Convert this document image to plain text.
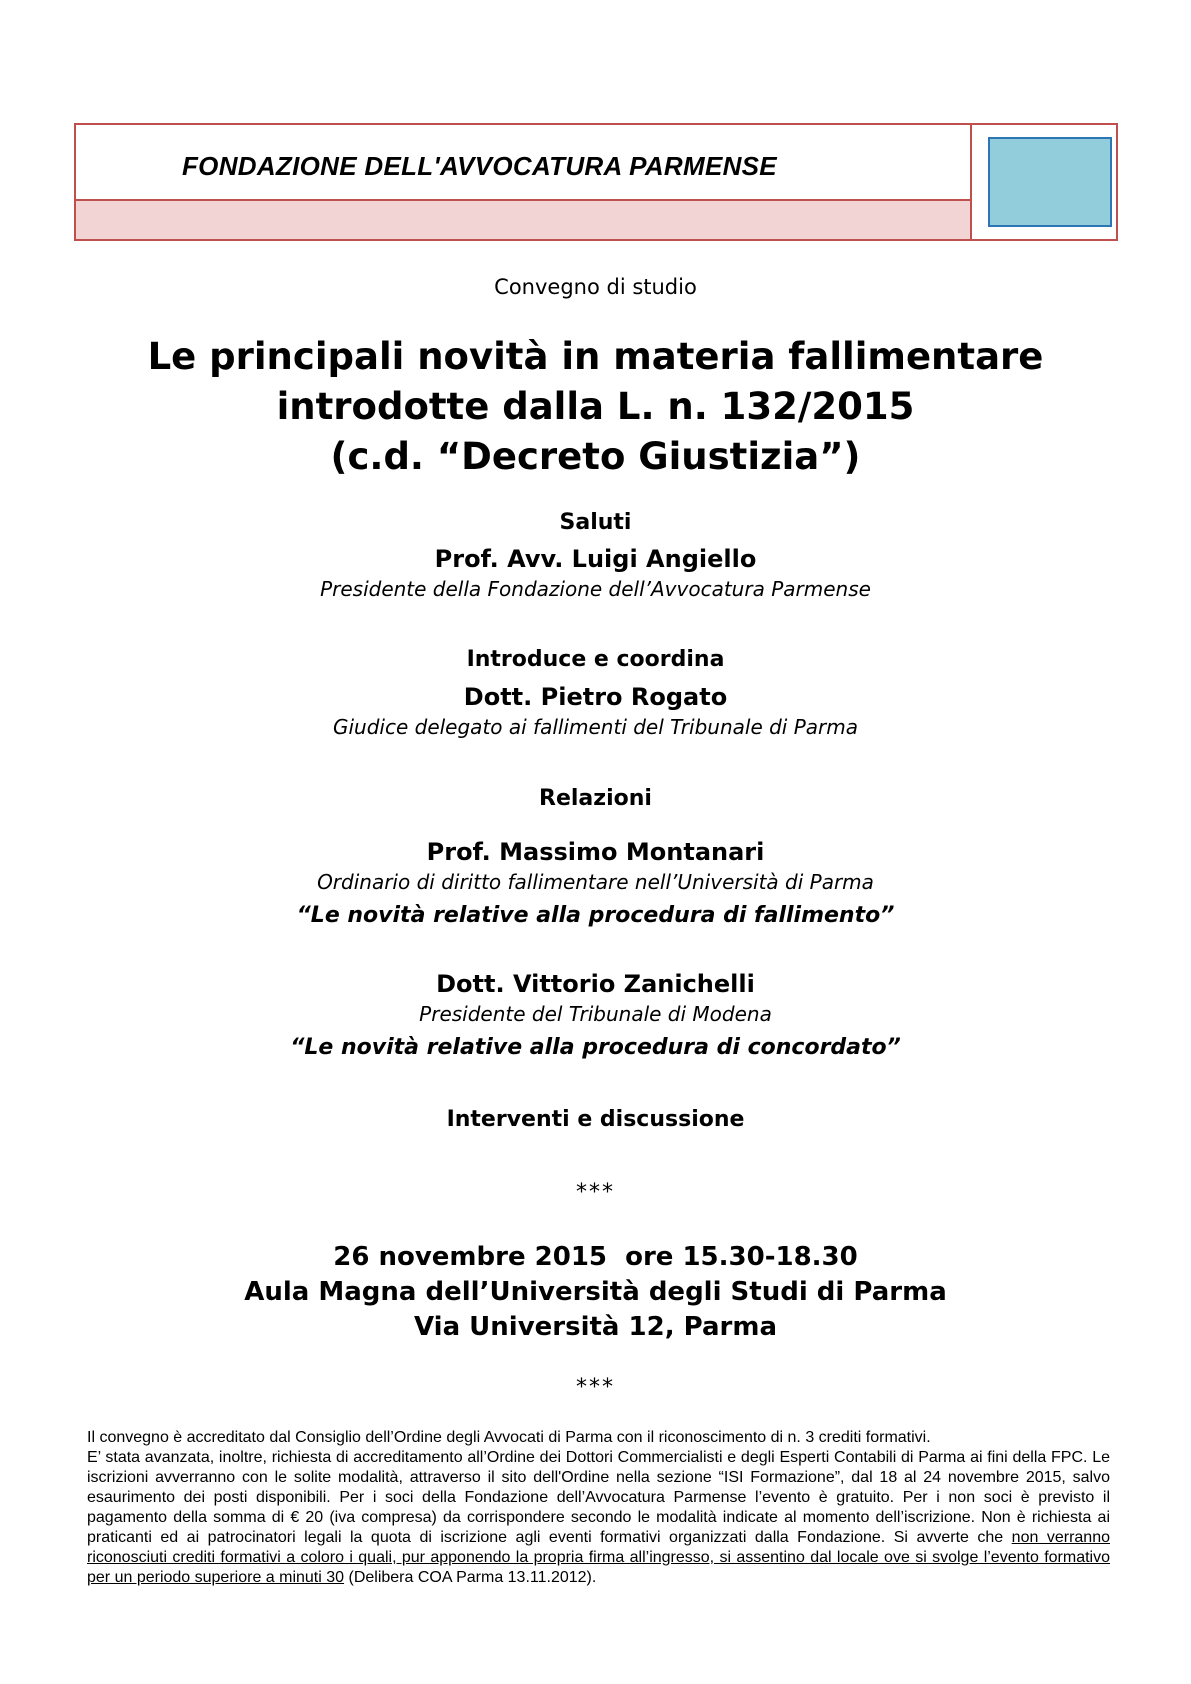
FONDAZIONE DELL'AVVOCATURA PARMENSE
Convegno di studio
Le principali novità in materia fallimentare
introdotte dalla L. n. 132/2015
(c.d. “Decreto Giustizia”)
Saluti
Prof. Avv. Luigi Angiello
Presidente della Fondazione dell’Avvocatura Parmense
Introduce e coordina
Dott. Pietro Rogato
Giudice delegato ai fallimenti del Tribunale di Parma
Relazioni
Prof. Massimo Montanari
Ordinario di diritto fallimentare nell’Università di Parma
“Le novità relative alla procedura di fallimento”
Dott. Vittorio Zanichelli
Presidente del Tribunale di Modena
“Le novità relative alla procedura di concordato”
Interventi e discussione
***
26 novembre 2015  ore 15.30-18.30
Aula Magna dell’Università degli Studi di Parma
Via Università 12, Parma
***

Il convegno è accreditato dal Consiglio dell’Ordine degli Avvocati di Parma con il riconoscimento di n. 3 crediti formativi.

E’ stata avanzata, inoltre, richiesta di accreditamento all’Ordine dei Dottori Commercialisti e degli Esperti Contabili di Parma ai fini della FPC. Le iscrizioni avverranno con le solite modalità, attraverso il sito dell'Ordine nella sezione “ISI Formazione”, dal 18 al 24 novembre 2015, salvo esaurimento dei posti disponibili. Per i soci della Fondazione dell’Avvocatura Parmense l’evento è gratuito. Per i non soci è previsto il pagamento della somma di € 20 (iva compresa) da corrispondere secondo le modalità indicate al momento dell’iscrizione. Non è richiesta ai praticanti ed ai patrocinatori legali la quota di iscrizione agli eventi formativi organizzati dalla Fondazione. Si avverte che non verranno riconosciuti crediti formativi a coloro i quali, pur apponendo la propria firma all’ingresso, si assentino dal locale ove si svolge l’evento formativo per un periodo superiore a minuti 30 (Delibera COA Parma 13.11.2012).
